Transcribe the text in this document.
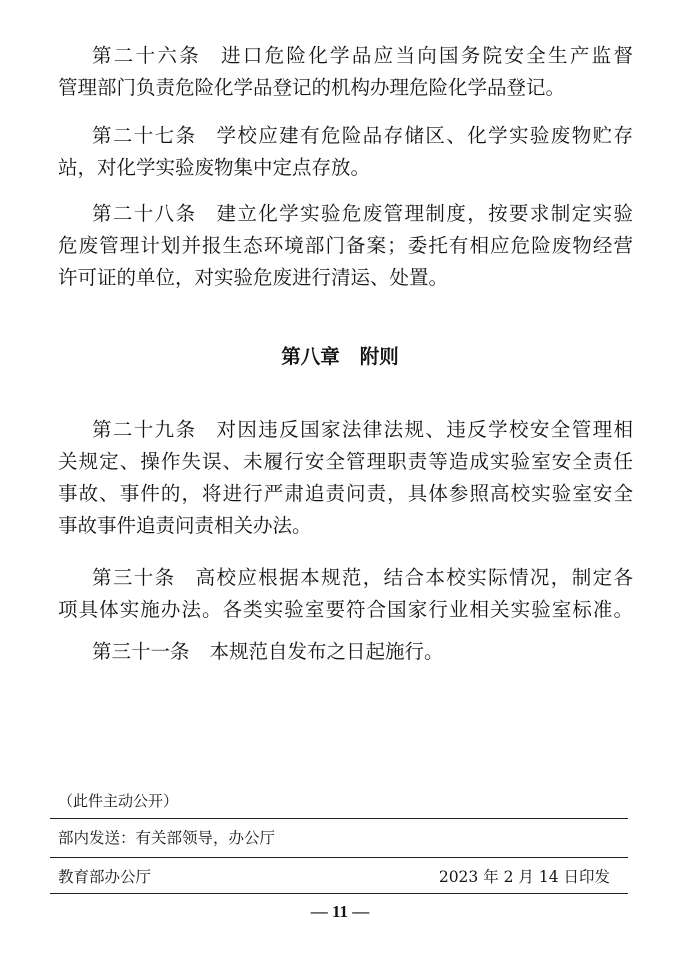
第二十六条 进口危险化学品应当向国务院安全生产监督
管理部门负责危险化学品登记的机构办理危险化学品登记。
第二十七条 学校应建有危险品存储区、化学实验废物贮存
站，对化学实验废物集中定点存放。
第二十八条 建立化学实验危废管理制度，按要求制定实验
危废管理计划并报生态环境部门备案；委托有相应危险废物经营
许可证的单位，对实验危废进行清运、处置。
第八章 附则
第二十九条 对因违反国家法律法规、违反学校安全管理相
关规定、操作失误、未履行安全管理职责等造成实验室安全责任
事故、事件的，将进行严肃追责问责，具体参照高校实验室安全
事故事件追责问责相关办法。
第三十条 高校应根据本规范，结合本校实际情况，制定各
项具体实施办法。各类实验室要符合国家行业相关实验室标准。
第三十一条 本规范自发布之日起施行。
（此件主动公开）
部内发送：有关部领导，办公厅
教育部办公厅	2023 年 2 月 14 日印发
— 11 —
